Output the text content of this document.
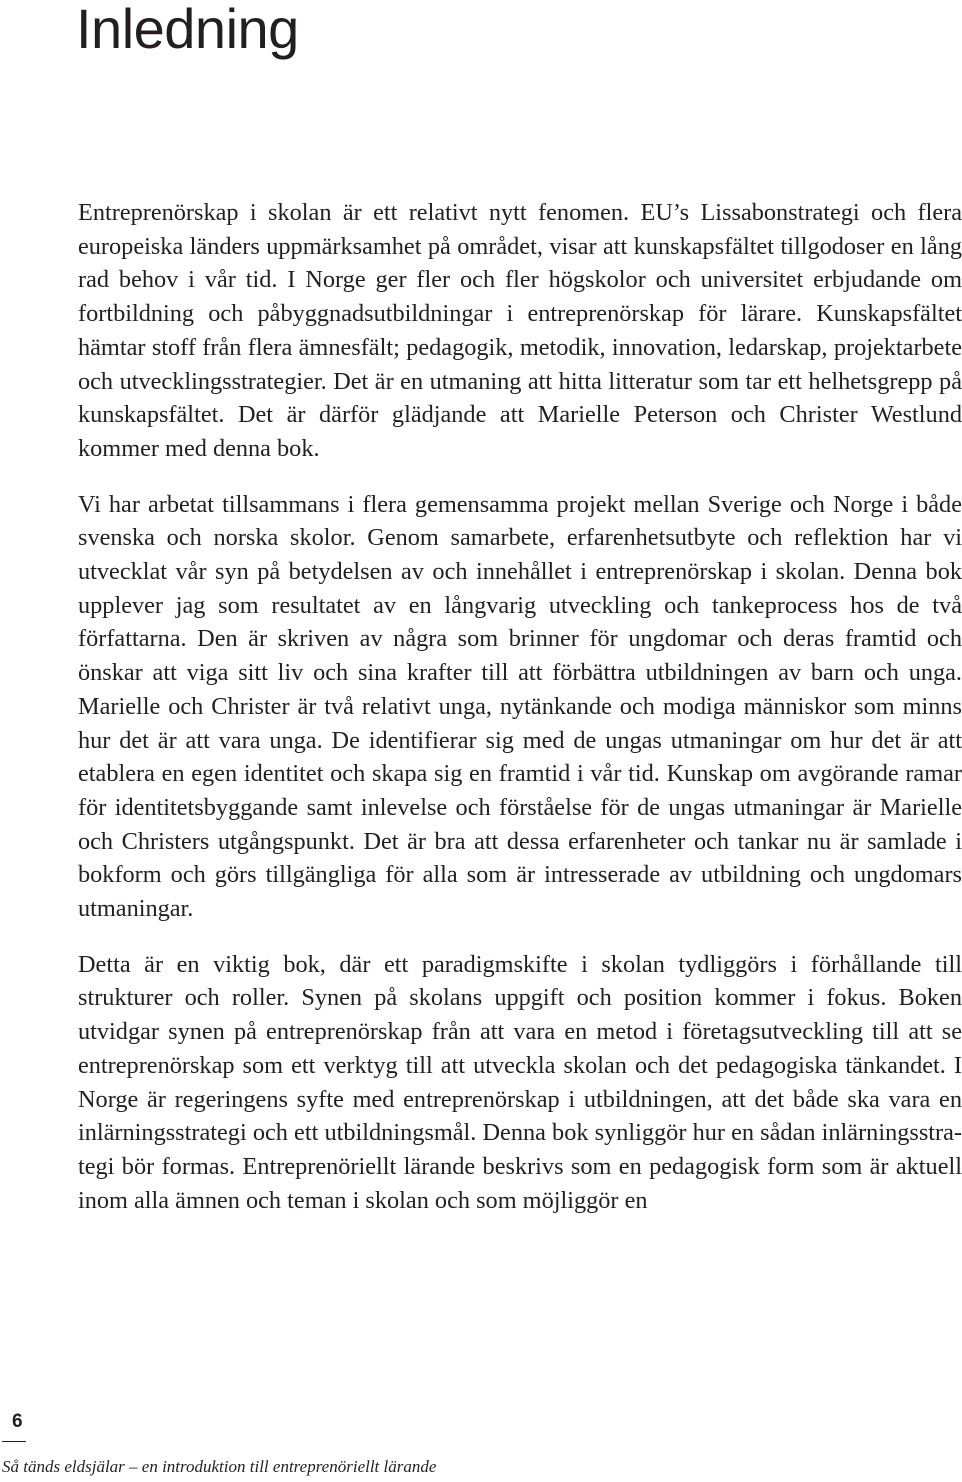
Inledning

Entreprenörskap i skolan är ett relativt nytt fenomen. EU’s Lissabonstrategi och flera europeiska länders uppmärksamhet på området, visar att kunskapsfältet tillgodoser en lång rad behov i vår tid. I Norge ger fler och fler högskolor och universitet erbjudande om fortbildning och påbyggnadsutbildningar i entreprenörskap för lärare. Kunskapsfältet hämtar stoff från flera ämnesfält; pedagogik, metodik, innovation, ledarskap, projektarbete och utvecklingsstrategier. Det är en utmaning att hitta litteratur som tar ett helhetsgrepp på kunskapsfältet. Det är därför glädjande att Marielle Peterson och Christer Westlund kommer med denna bok.

Vi har arbetat tillsammans i flera gemensamma projekt mellan Sverige och Norge i både svenska och norska skolor. Genom samarbete, erfarenhetsutbyte och reflektion har vi utvecklat vår syn på betydelsen av och innehållet i entreprenörskap i skolan. Denna bok upplever jag som resultatet av en långvarig utveckling och tankeprocess hos de två författarna. Den är skriven av några som brinner för ungdomar och deras framtid och önskar att viga sitt liv och sina krafter till att förbättra utbildningen av barn och unga. Marielle och Christer är två relativt unga, nytänkande och modiga människor som minns hur det är att vara unga. De identifierar sig med de ungas utmaningar om hur det är att etablera en egen identitet och skapa sig en framtid i vår tid. Kunskap om avgörande ramar för identitetsbyggande samt inlevelse och förståelse för de ungas utmaningar är Marielle och Christers utgångspunkt. Det är bra att dessa erfarenheter och tankar nu är samlade i bokform och görs tillgängliga för alla som är intresserade av utbildning och ungdomars utmaningar.

Detta är en viktig bok, där ett paradigmskifte i skolan tydliggörs i förhållande till strukturer och roller. Synen på skolans uppgift och position kommer i fokus. Boken utvidgar synen på entreprenörskap från att vara en metod i företagsutveckling till att se entreprenörskap som ett verktyg till att utveckla skolan och det pedagogiska tänkandet. I Norge är regeringens syfte med entreprenörskap i utbildningen, att det både ska vara en inlärningsstrategi och ett utbildningsmål. Denna bok synliggör hur en sådan inlärningsstrategi bör formas. Entreprenöriellt lärande beskrivs som en pedagogisk form som är aktuell inom alla ämnen och teman i skolan och som möjliggör en

6
Så tänds eldsjälar – en introduktion till entreprenöriellt lärande
